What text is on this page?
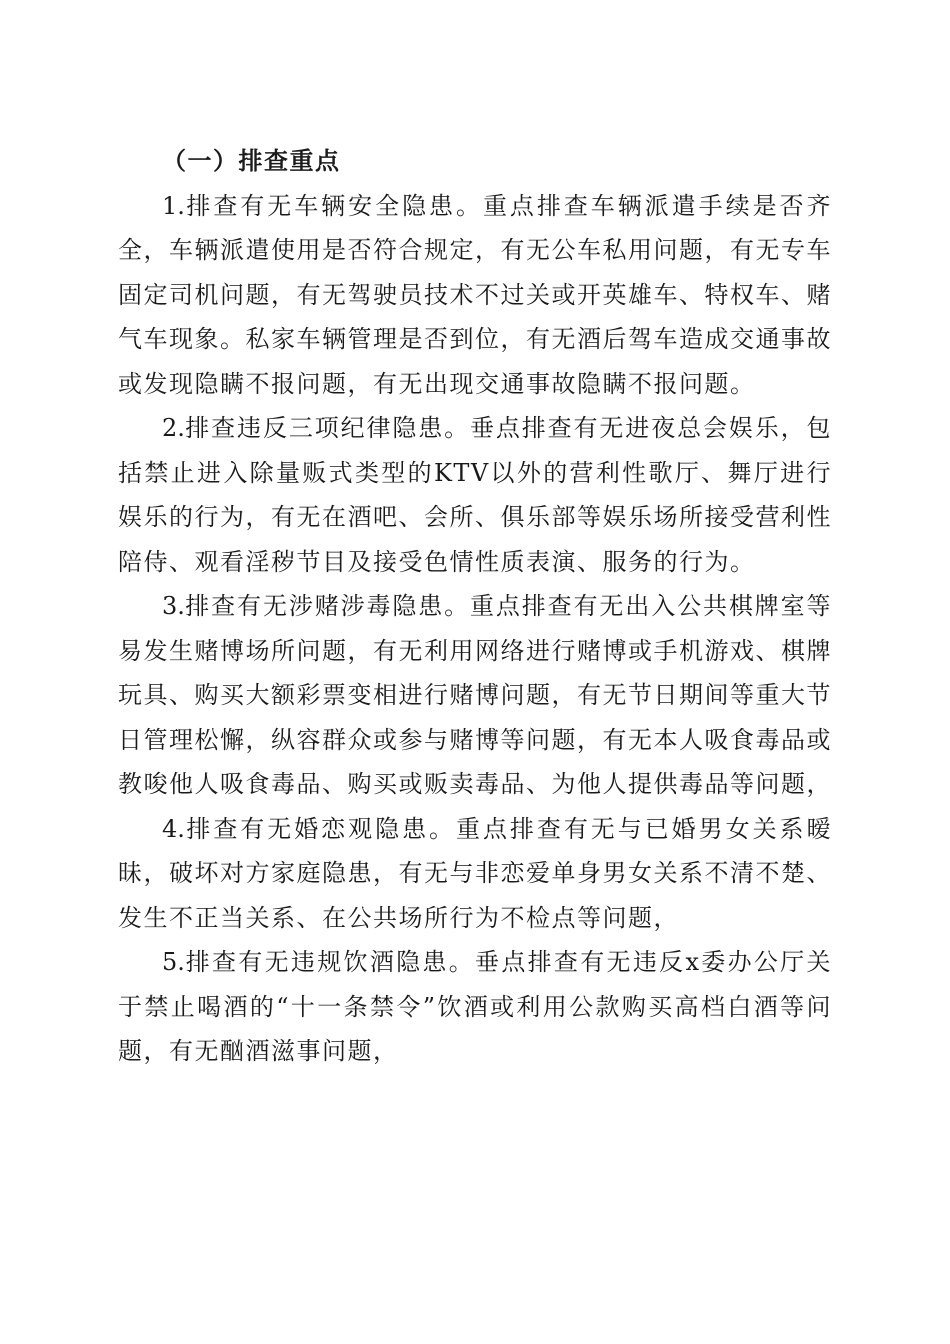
（一）排查重点

1.排查有无车辆安全隐患。重点排查车辆派遣手续是否齐全，车辆派遣使用是否符合规定，有无公车私用问题，有无专车固定司机问题，有无驾驶员技术不过关或开英雄车、特权车、赌气车现象。私家车辆管理是否到位，有无酒后驾车造成交通事故或发现隐瞒不报问题，有无出现交通事故隐瞒不报问题。

2.排查违反三项纪律隐患。垂点排查有无进夜总会娱乐，包括禁止进入除量贩式类型的KTV以外的营利性歌厅、舞厅进行娱乐的行为，有无在酒吧、会所、俱乐部等娱乐场所接受营利性陪侍、观看淫秽节目及接受色情性质表演、服务的行为。

3.排查有无涉赌涉毒隐患。重点排查有无出入公共棋牌室等易发生赌博场所问题，有无利用网络进行赌博或手机游戏、棋牌玩具、购买大额彩票变相进行赌博问题，有无节日期间等重大节日管理松懈，纵容群众或参与赌博等问题，有无本人吸食毒品或教唆他人吸食毒品、购买或贩卖毒品、为他人提供毒品等问题，

4.排查有无婚恋观隐患。重点排查有无与已婚男女关系暧昧，破坏对方家庭隐患，有无与非恋爱单身男女关系不清不楚、发生不正当关系、在公共场所行为不检点等问题，

5.排查有无违规饮酒隐患。垂点排查有无违反x委办公厅关于禁止喝酒的“十一条禁令”饮酒或利用公款购买高档白酒等问题，有无酗酒滋事问题，
